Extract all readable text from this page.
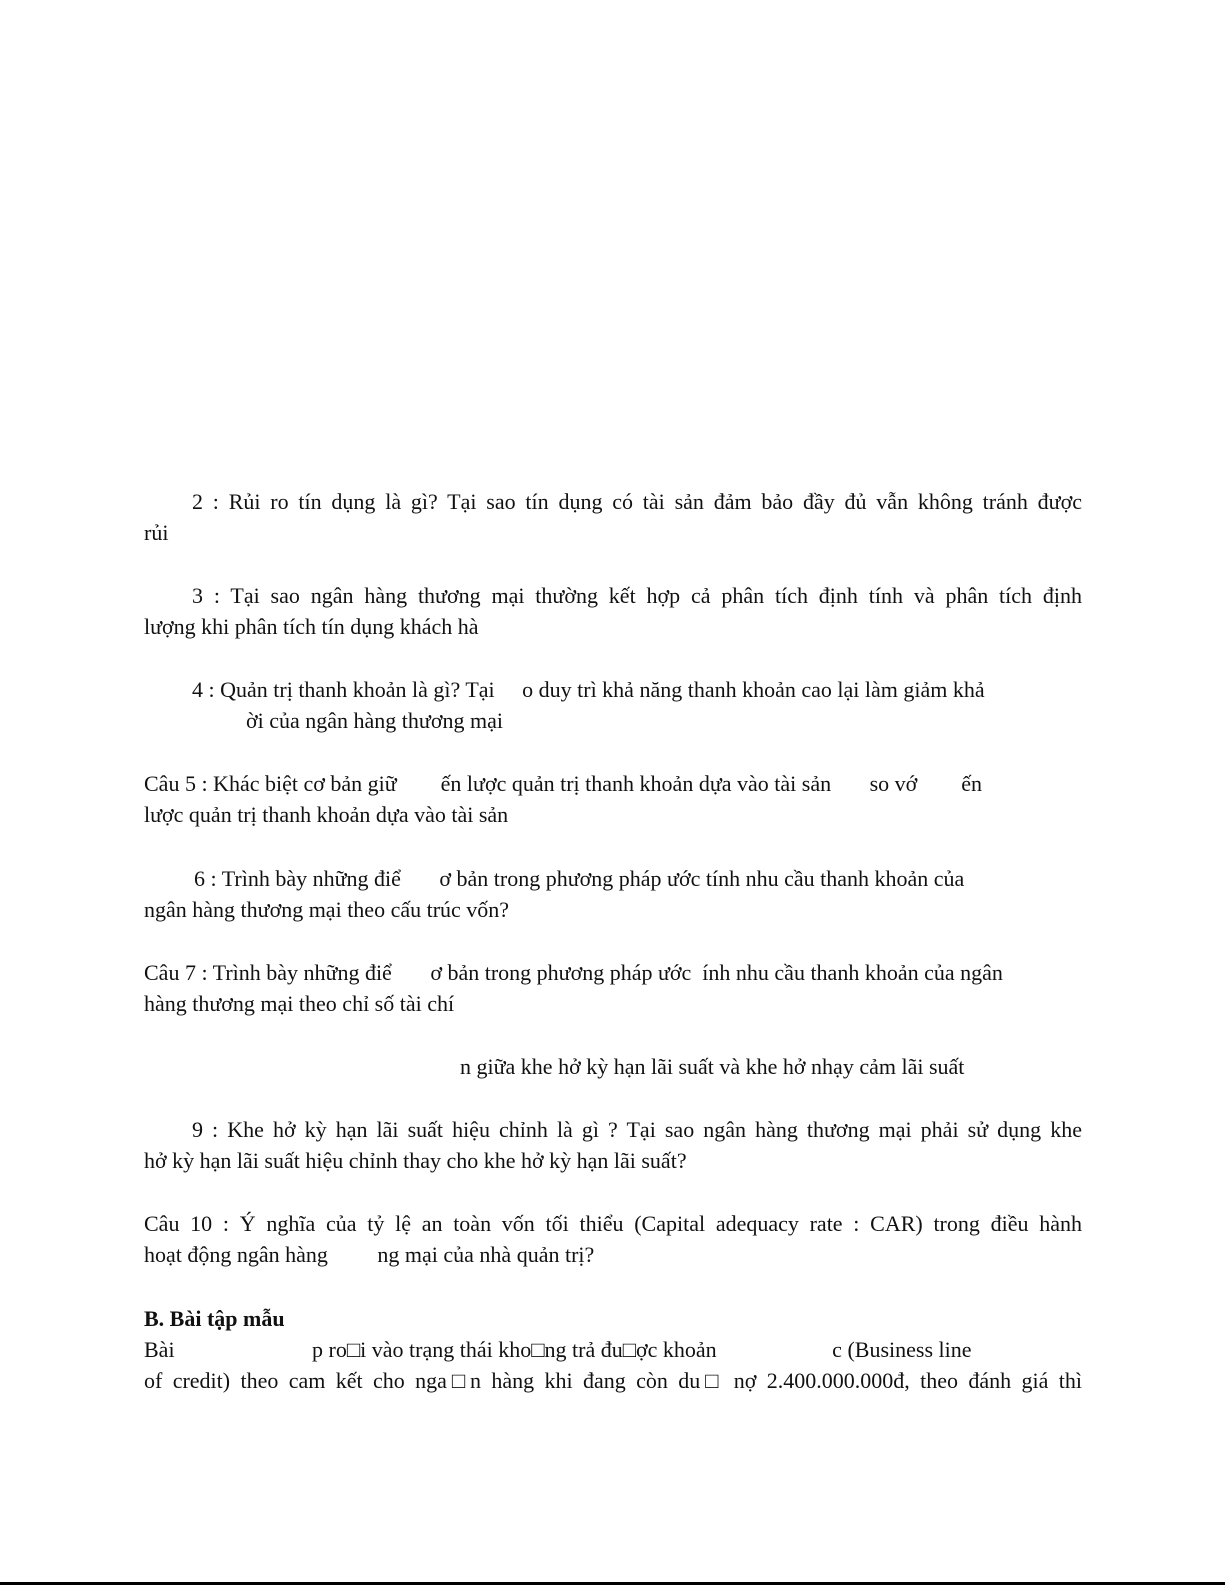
2 : Rủi ro tín dụng là gì? Tại sao tín dụng có tài sản đảm bảo đầy đủ vẫn không tránh được

rủi

3 : Tại sao ngân hàng thương mại thường kết hợp cả phân tích định tính và phân tích định

lượng khi phân tích tín dụng khách hà

4 : Quản trị thanh khoản là gì? Tại     o duy trì khả năng thanh khoản cao lại làm giảm khả

ời của ngân hàng thương mại

Câu 5 : Khác biệt cơ bản giữ        ến lược quản trị thanh khoản dựa vào tài sản       so vớ        ến

lược quản trị thanh khoản dựa vào tài sản

6 : Trình bày những điể       ơ bản trong phương pháp ước tính nhu cầu thanh khoản của

ngân hàng thương mại theo cấu trúc vốn?

Câu 7 : Trình bày những điể       ơ bản trong phương pháp ước  ính nhu cầu thanh khoản của ngân

hàng thương mại theo chỉ số tài chí

n giữa khe hở kỳ hạn lãi suất và khe hở nhạy cảm lãi suất

9 : Khe hở kỳ hạn lãi suất hiệu chỉnh là gì ? Tại sao ngân hàng thương mại phải sử dụng khe

hở kỳ hạn lãi suất hiệu chỉnh thay cho khe hở kỳ hạn lãi suất?

Câu 10 : Ý nghĩa của tỷ lệ an toàn vốn tối thiểu (Capital adequacy rate : CAR) trong điều hành

hoạt động ngân hàng         ng mại của nhà quản trị?

B. Bài tập mẫu

Bài                         p ro□i vào trạng thái kho□ng trả đu□ợc khoản                     c (Business line

of credit) theo cam kết cho nga□n hàng khi đang còn du□ nợ 2.400.000.000đ, theo đánh giá thì
